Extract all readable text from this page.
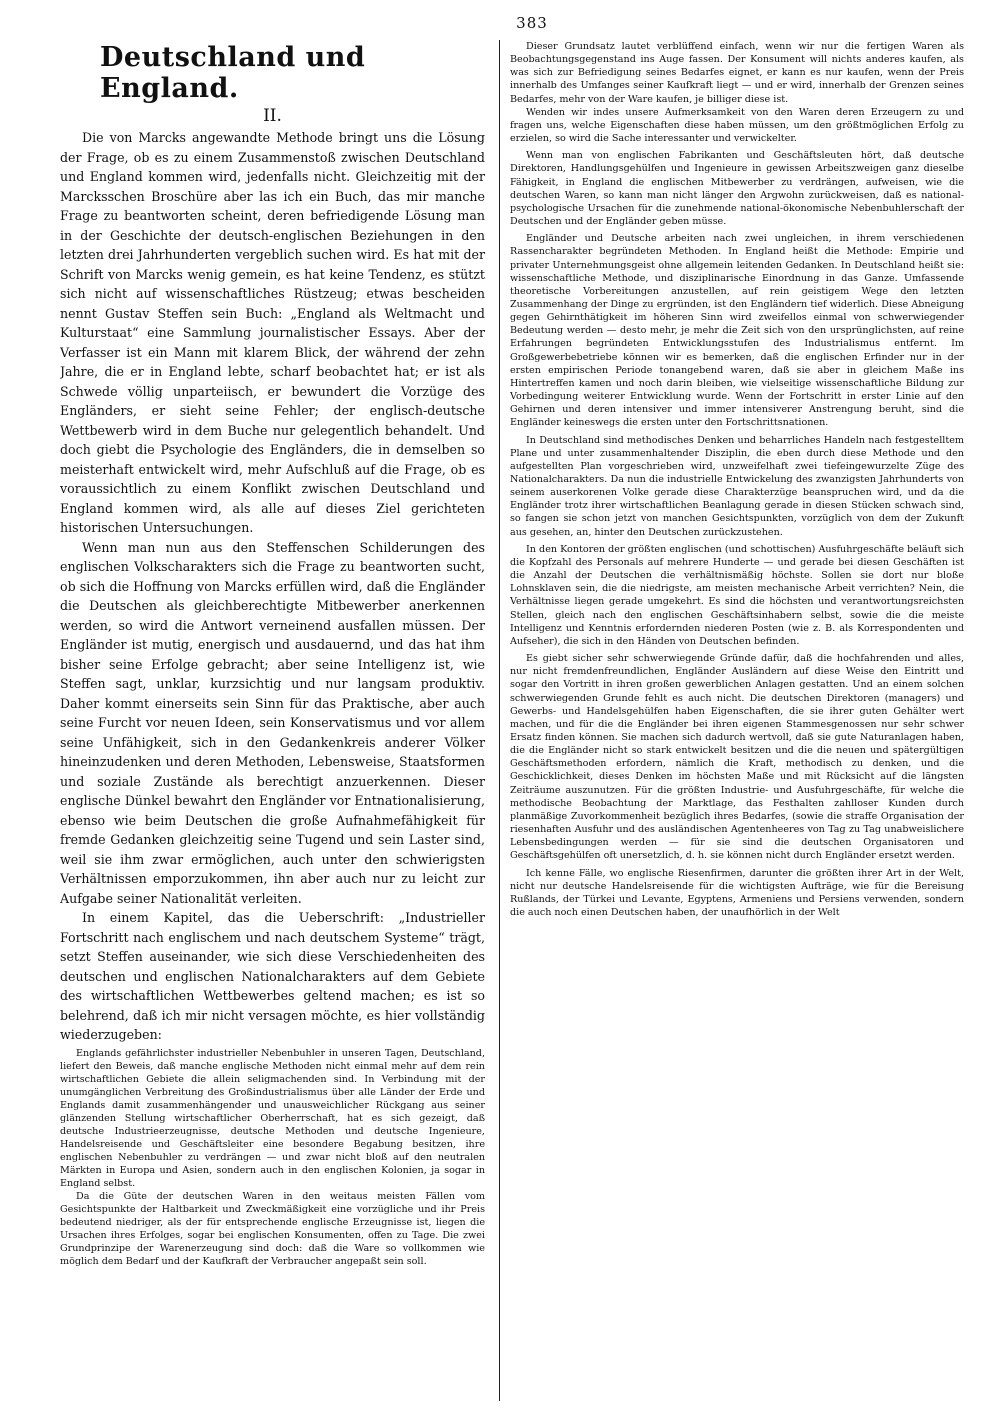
383
Deutschland und England.
II.

Die von Marcks angewandte Methode bringt uns die Lösung der Frage, ob es zu einem Zusammenstoß zwischen Deutschland und England kommen wird, jedenfalls nicht. Gleichzeitig mit der Marcksschen Broschüre aber las ich ein Buch, das mir manche Frage zu beantworten scheint, deren befriedigende Lösung man in der Geschichte der deutsch-englischen Beziehungen in den letzten drei Jahrhunderten vergeblich suchen wird. Es hat mit der Schrift von Marcks wenig gemein, es hat keine Tendenz, es stützt sich nicht auf wissenschaftliches Rüstzeug; etwas bescheiden nennt Gustav Steffen sein Buch: „England als Weltmacht und Kulturstaat“ eine Sammlung journalistischer Essays. Aber der Verfasser ist ein Mann mit klarem Blick, der während der zehn Jahre, die er in England lebte, scharf beobachtet hat; er ist als Schwede völlig unparteiisch, er bewundert die Vorzüge des Engländers, er sieht seine Fehler; der englisch-deutsche Wettbewerb wird in dem Buche nur gelegentlich behandelt. Und doch giebt die Psychologie des Engländers, die in demselben so meisterhaft entwickelt wird, mehr Aufschluß auf die Frage, ob es voraussichtlich zu einem Konflikt zwischen Deutschland und England kommen wird, als alle auf dieses Ziel gerichteten historischen Untersuchungen.

Wenn man nun aus den Steffenschen Schilderungen des englischen Volkscharakters sich die Frage zu beantworten sucht, ob sich die Hoffnung von Marcks erfüllen wird, daß die Engländer die Deutschen als gleichberechtigte Mitbewerber anerkennen werden, so wird die Antwort verneinend ausfallen müssen. Der Engländer ist mutig, energisch und ausdauernd, und das hat ihm bisher seine Erfolge gebracht; aber seine Intelligenz ist, wie Steffen sagt, unklar, kurzsichtig und nur langsam produktiv. Daher kommt einerseits sein Sinn für das Praktische, aber auch seine Furcht vor neuen Ideen, sein Konservatismus und vor allem seine Unfähigkeit, sich in den Gedankenkreis anderer Völker hineinzudenken und deren Methoden, Lebensweise, Staatsformen und soziale Zustände als berechtigt anzuerkennen. Dieser englische Dünkel bewahrt den Engländer vor Entnationalisierung, ebenso wie beim Deutschen die große Aufnahmefähigkeit für fremde Gedanken gleichzeitig seine Tugend und sein Laster sind, weil sie ihm zwar ermöglichen, auch unter den schwierigsten Verhältnissen emporzukommen, ihn aber auch nur zu leicht zur Aufgabe seiner Nationalität verleiten.

In einem Kapitel, das die Ueberschrift: „Industrieller Fortschritt nach englischem und nach deutschem Systeme“ trägt, setzt Steffen auseinander, wie sich diese Verschiedenheiten des deutschen und englischen Nationalcharakters auf dem Gebiete des wirtschaftlichen Wettbewerbes geltend machen; es ist so belehrend, daß ich mir nicht versagen möchte, es hier vollständig wiederzugeben:

Englands gefährlichster industrieller Nebenbuhler in unseren Tagen, Deutschland, liefert den Beweis, daß manche englische Methoden nicht einmal mehr auf dem rein wirtschaftlichen Gebiete die allein seligmachenden sind. In Verbindung mit der unumgänglichen Verbreitung des Großindustrialismus über alle Länder der Erde und Englands damit zusammenhängender und unausweichlicher Rückgang aus seiner glänzenden Stellung wirtschaftlicher Oberherrschaft, hat es sich gezeigt, daß deutsche Industrieerzeugnisse, deutsche Methoden und deutsche Ingenieure, Handelsreisende und Geschäftsleiter eine besondere Begabung besitzen, ihre englischen Nebenbuhler zu verdrängen — und zwar nicht bloß auf den neutralen Märkten in Europa und Asien, sondern auch in den englischen Kolonien, ja sogar in England selbst.

Da die Güte der deutschen Waren in den weitaus meisten Fällen vom Gesichtspunkte der Haltbarkeit und Zweckmäßigkeit eine vorzügliche und ihr Preis bedeutend niedriger, als der für entsprechende englische Erzeugnisse ist, liegen die Ursachen ihres Erfolges, sogar bei englischen Konsumenten, offen zu Tage. Die zwei Grundprinzipe der Warenerzeugung sind doch: daß die Ware so vollkommen wie möglich dem Bedarf und der Kaufkraft der Verbraucher angepaßt sein soll.

Dieser Grundsatz lautet verblüffend einfach, wenn wir nur die fertigen Waren als Beobachtungsgegenstand ins Auge fassen. Der Konsument will nichts anderes kaufen, als was sich zur Befriedigung seines Bedarfes eignet, er kann es nur kaufen, wenn der Preis innerhalb des Umfanges seiner Kaufkraft liegt — und er wird, innerhalb der Grenzen seines Bedarfes, mehr von der Ware kaufen, je billiger diese ist.

Wenden wir indes unsere Aufmerksamkeit von den Waren deren Erzeugern zu und fragen uns, welche Eigenschaften diese haben müssen, um den größtmöglichen Erfolg zu erzielen, so wird die Sache interessanter und verwickelter.

Wenn man von englischen Fabrikanten und Geschäftsleuten hört, daß deutsche Direktoren, Handlungsgehülfen und Ingenieure in gewissen Arbeitszweigen ganz dieselbe Fähigkeit, in England die englischen Mitbewerber zu verdrängen, aufweisen, wie die deutschen Waren, so kann man nicht länger den Argwohn zurückweisen, daß es national-psychologische Ursachen für die zunehmende national-ökonomische Nebenbuhlerschaft der Deutschen und der Engländer geben müsse.

Engländer und Deutsche arbeiten nach zwei ungleichen, in ihrem verschiedenen Rassencharakter begründeten Methoden. In England heißt die Methode: Empirie und privater Unternehmungsgeist ohne allgemein leitenden Gedanken. In Deutschland heißt sie: wissenschaftliche Methode, und disziplinarische Einordnung in das Ganze. Umfassende theoretische Vorbereitungen anzustellen, auf rein geistigem Wege den letzten Zusammenhang der Dinge zu ergründen, ist den Engländern tief widerlich. Diese Abneigung gegen Gehirnthätigkeit im höheren Sinn wird zweifellos einmal von schwerwiegender Bedeutung werden — desto mehr, je mehr die Zeit sich von den ursprünglichsten, auf reine Erfahrungen begründeten Entwicklungsstufen des Industrialismus entfernt. Im Großgewerbebetriebe können wir es bemerken, daß die englischen Erfinder nur in der ersten empirischen Periode tonangebend waren, daß sie aber in gleichem Maße ins Hintertreffen kamen und noch darin bleiben, wie vielseitige wissenschaftliche Bildung zur Vorbedingung weiterer Entwicklung wurde. Wenn der Fortschritt in erster Linie auf den Gehirnen und deren intensiver und immer intensiverer Anstrengung beruht, sind die Engländer keineswegs die ersten unter den Fortschrittsnationen.

In Deutschland sind methodisches Denken und beharrliches Handeln nach festgestelltem Plane und unter zusammenhaltender Disziplin, die eben durch diese Methode und den aufgestellten Plan vorgeschrieben wird, unzweifelhaft zwei tiefeingewurzelte Züge des Nationalcharakters. Da nun die industrielle Entwickelung des zwanzigsten Jahrhunderts von seinem auserkorenen Volke gerade diese Charakterzüge beanspruchen wird, und da die Engländer trotz ihrer wirtschaftlichen Beanlagung gerade in diesen Stücken schwach sind, so fangen sie schon jetzt von manchen Gesichtspunkten, vorzüglich von dem der Zukunft aus gesehen, an, hinter den Deutschen zurückzustehen.

In den Kontoren der größten englischen (und schottischen) Ausfuhrgeschäfte beläuft sich die Kopfzahl des Personals auf mehrere Hunderte — und gerade bei diesen Geschäften ist die Anzahl der Deutschen die verhältnismäßig höchste. Sollen sie dort nur bloße Lohnsklaven sein, die die niedrigste, am meisten mechanische Arbeit verrichten? Nein, die Verhältnisse liegen gerade umgekehrt. Es sind die höchsten und verantwortungsreichsten Stellen, gleich nach den englischen Geschäftsinhabern selbst, sowie die die meiste Intelligenz und Kenntnis erfordernden niederen Posten (wie z. B. als Korrespondenten und Aufseher), die sich in den Händen von Deutschen befinden.

Es giebt sicher sehr schwerwiegende Gründe dafür, daß die hochfahrenden und alles, nur nicht fremdenfreundlichen, Engländer Ausländern auf diese Weise den Eintritt und sogar den Vortritt in ihren großen gewerblichen Anlagen gestatten. Und an einem solchen schwerwiegenden Grunde fehlt es auch nicht. Die deutschen Direktoren (managers) und Gewerbs- und Handelsgehülfen haben Eigenschaften, die sie ihrer guten Gehälter wert machen, und für die die Engländer bei ihren eigenen Stammesgenossen nur sehr schwer Ersatz finden können. Sie machen sich dadurch wertvoll, daß sie gute Naturanlagen haben, die die Engländer nicht so stark entwickelt besitzen und die die neuen und spätergültigen Geschäftsmethoden erfordern, nämlich die Kraft, methodisch zu denken, und die Geschicklichkeit, dieses Denken im höchsten Maße und mit Rücksicht auf die längsten Zeiträume auszunutzen. Für die größten Industrie- und Ausfuhrgeschäfte, für welche die methodische Beobachtung der Marktlage, das Festhalten zahlloser Kunden durch planmäßige Zuvorkommenheit bezüglich ihres Bedarfes, (sowie die straffe Organisation der riesenhaften Ausfuhr und des ausländischen Agentenheeres von Tag zu Tag unabweislichere Lebensbedingungen werden — für sie sind die deutschen Organisatoren und Geschäftsgehülfen oft unersetzlich, d. h. sie können nicht durch Engländer ersetzt werden.

Ich kenne Fälle, wo englische Riesenfirmen, darunter die größten ihrer Art in der Welt, nicht nur deutsche Handelsreisende für die wichtigsten Aufträge, wie für die Bereisung Rußlands, der Türkei und Levante, Egyptens, Armeniens und Persiens verwenden, sondern die auch noch einen Deutschen haben, der unaufhörlich in der Welt
